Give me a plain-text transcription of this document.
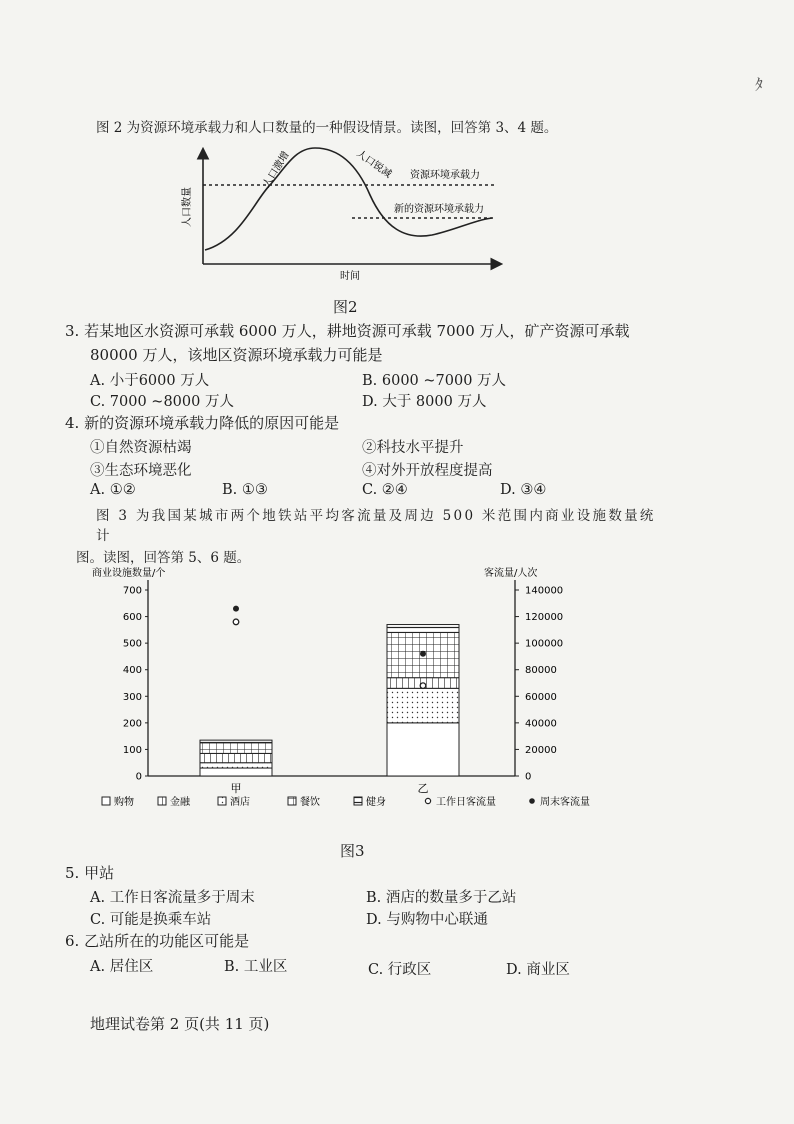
ﾀ
图 2 为资源环境承载力和人口数量的一种假设情景。读图，回答第 3、4 题。
人口数量
时间
人口激增	人口锐减 资源环境承载力
新的资源环境承载力
图2
3. 若某地区水资源可承载 6000 万人，耕地资源可承载 7000 万人，矿产资源可承载
80000 万人，该地区资源环境承载力可能是
A. 小于6000 万人	B. 6000 ~7000 万人
C. 7000 ~8000 万人	D. 大于 8000 万人
4. 新的资源环境承载力降低的原因可能是
①自然资源枯竭	②科技水平提升
③生态环境恶化	④对外开放程度提高
A. ①②	B. ①③	C. ②④	D. ③④
图 3 为我国某城市两个地铁站平均客流量及周边 500 米范围内商业设施数量统计
图。读图，回答第 5、6 题。
商业设施数量/个	客流量/人次
700
600
500
400
300
200
100
0
140000
120000
100000
80000
60000
40000
20000
0
甲	乙
购物	金融	酒店	餐饮	健身	工作日客流量	周末客流量
图3
5. 甲站
A. 工作日客流量多于周末	B. 酒店的数量多于乙站
C. 可能是换乘车站	D. 与购物中心联通
6. 乙站所在的功能区可能是
A. 居住区	B. 工业区	C. 行政区	D. 商业区
地理试卷第 2 页(共 11 页)
